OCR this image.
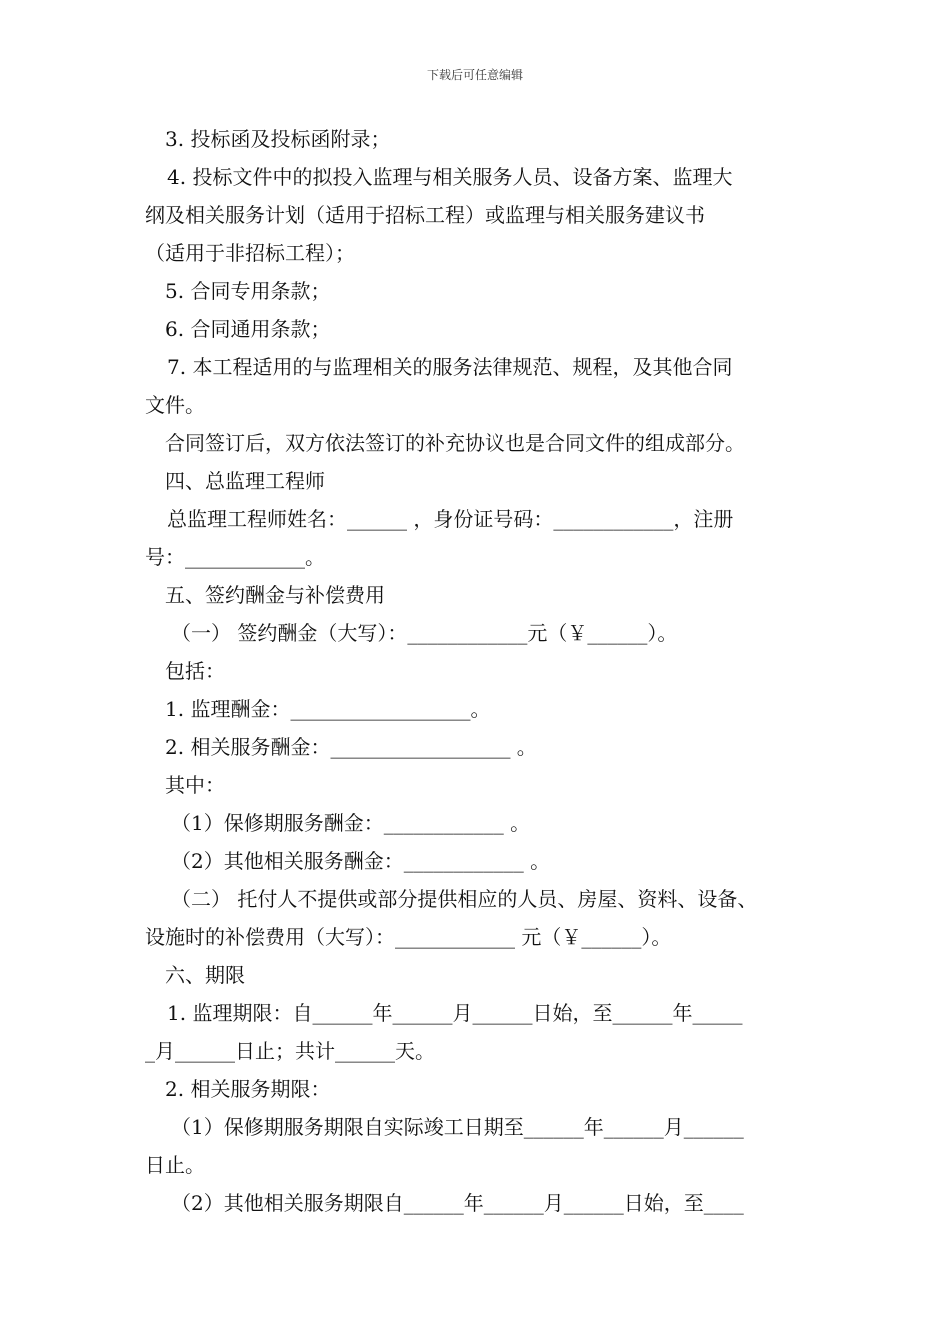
下载后可任意编辑
3. 投标函及投标函附录；
4. 投标文件中的拟投入监理与相关服务人员、设备方案、监理大
纲及相关服务计划（适用于招标工程）或监理与相关服务建议书
（适用于非招标工程）；
5. 合同专用条款；
6. 合同通用条款；
7. 本工程适用的与监理相关的服务法律规范、规程，及其他合同
文件。
合同签订后，双方依法签订的补充协议也是合同文件的组成部分。
四、总监理工程师
总监理工程师姓名：______ ，身份证号码：____________，注册
号：____________。
五、签约酬金与补偿费用
（一） 签约酬金（大写）：____________元（￥______）。
包括：
1. 监理酬金：__________________。
2. 相关服务酬金：__________________ 。
其中：
（1）保修期服务酬金：____________ 。
（2）其他相关服务酬金：____________ 。
（二） 托付人不提供或部分提供相应的人员、房屋、资料、设备、
设施时的补偿费用（大写）：____________ 元（￥______）。
六、期限
1. 监理期限：自______年______月______日始，至______年_____
_月______日止；共计______天。
2. 相关服务期限：
（1）保修期服务期限自实际竣工日期至______年______月______
日止。
（2）其他相关服务期限自______年______月______日始，至____
